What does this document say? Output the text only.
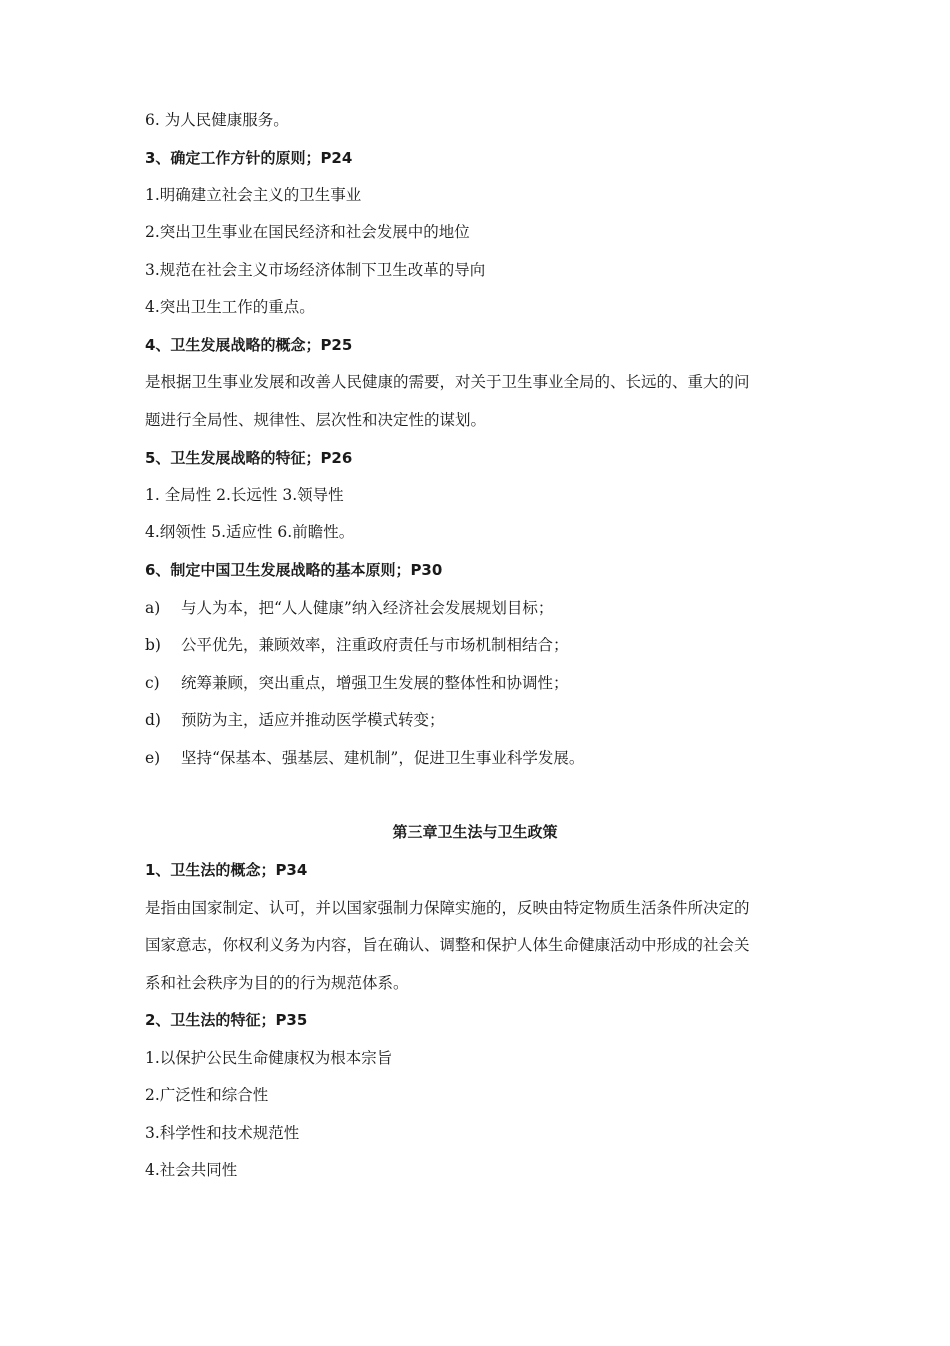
6. 为人民健康服务。
3、确定工作方针的原则；P24
1.明确建立社会主义的卫生事业
2.突出卫生事业在国民经济和社会发展中的地位
3.规范在社会主义市场经济体制下卫生改革的导向
4.突出卫生工作的重点。
4、卫生发展战略的概念；P25
是根据卫生事业发展和改善人民健康的需要，对关于卫生事业全局的、长远的、重大的问
题进行全局性、规律性、层次性和决定性的谋划。
5、卫生发展战略的特征；P26
1. 全局性 2.长远性 3.领导性
4.纲领性 5.适应性 6.前瞻性。
6、制定中国卫生发展战略的基本原则；P30
a)	与人为本，把“人人健康”纳入经济社会发展规划目标；
b)	公平优先，兼顾效率，注重政府责任与市场机制相结合；
c)	统筹兼顾，突出重点，增强卫生发展的整体性和协调性；
d)	预防为主，适应并推动医学模式转变；
e)	坚持“保基本、强基层、建机制”，促进卫生事业科学发展。
第三章卫生法与卫生政策
1、卫生法的概念；P34
是指由国家制定、认可，并以国家强制力保障实施的，反映由特定物质生活条件所决定的
国家意志，你权利义务为内容，旨在确认、调整和保护人体生命健康活动中形成的社会关
系和社会秩序为目的的行为规范体系。
2、卫生法的特征；P35
1.以保护公民生命健康权为根本宗旨
2.广泛性和综合性
3.科学性和技术规范性
4.社会共同性
